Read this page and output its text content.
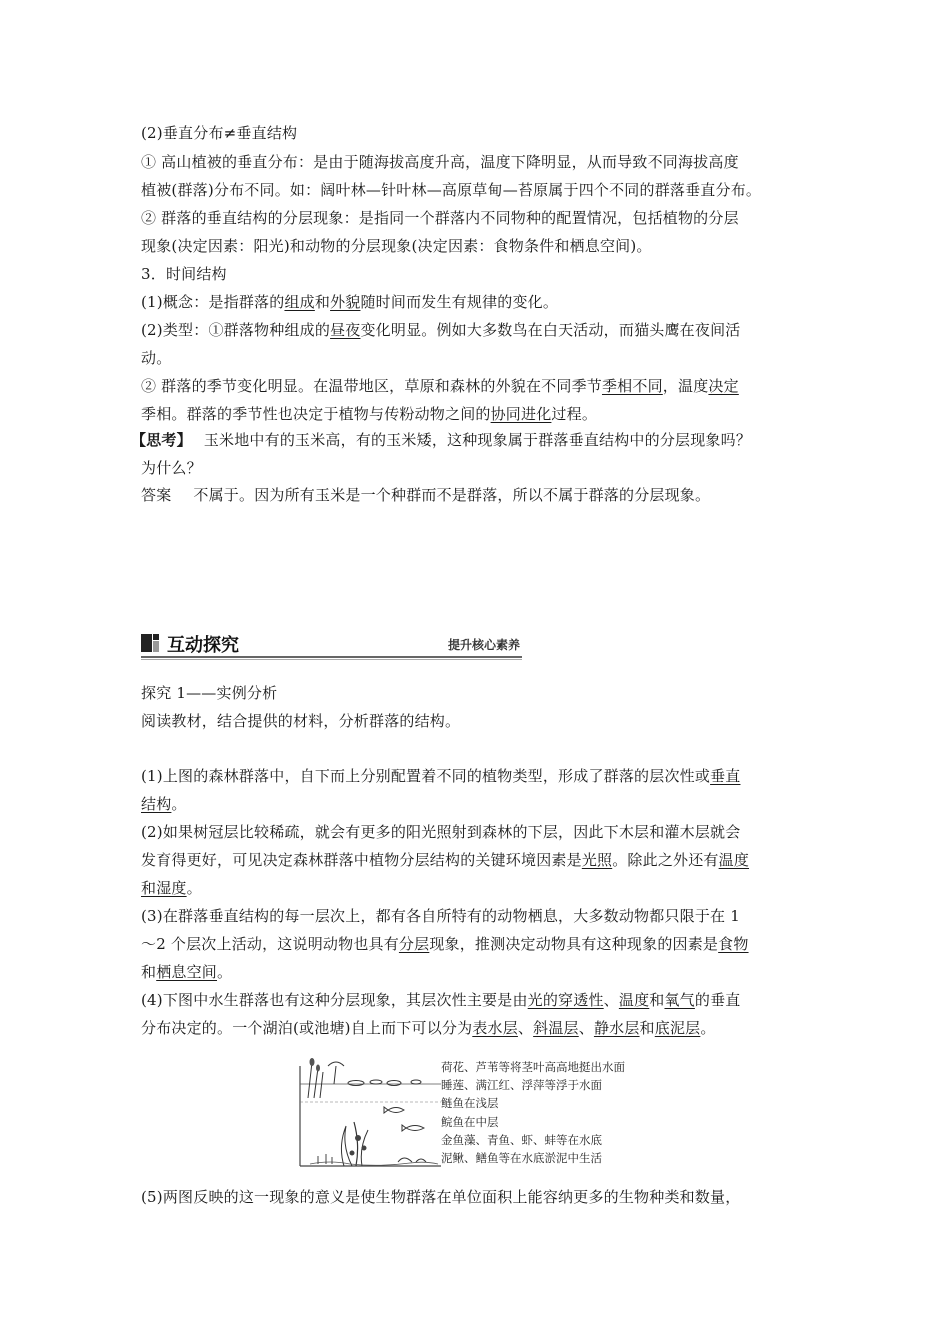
(2)垂直分布≠垂直结构
① 高山植被的垂直分布：是由于随海拔高度升高，温度下降明显，从而导致不同海拔高度
植被(群落)分布不同。如：阔叶林—针叶林—高原草甸—苔原属于四个不同的群落垂直分布。
② 群落的垂直结构的分层现象：是指同一个群落内不同物种的配置情况，包括植物的分层
现象(决定因素：阳光)和动物的分层现象(决定因素：食物条件和栖息空间)。
3．时间结构
(1)概念：是指群落的组成和外貌随时间而发生有规律的变化。
(2)类型：①群落物种组成的昼夜变化明显。例如大多数鸟在白天活动，而猫头鹰在夜间活
动。
② 群落的季节变化明显。在温带地区，草原和森林的外貌在不同季节季相不同，温度决定
季相。群落的季节性也决定于植物与传粉动物之间的协同进化过程。
【思考】 玉米地中有的玉米高，有的玉米矮，这种现象属于群落垂直结构中的分层现象吗？
为什么？
答案 不属于。因为所有玉米是一个种群而不是群落，所以不属于群落的分层现象。
互动探究	提升核心素养
探究 1——实例分析
阅读教材，结合提供的材料，分析群落的结构。
(1)上图的森林群落中，自下而上分别配置着不同的植物类型，形成了群落的层次性或垂直
结构。
(2)如果树冠层比较稀疏，就会有更多的阳光照射到森林的下层，因此下木层和灌木层就会
发育得更好，可见决定森林群落中植物分层结构的关键环境因素是光照。除此之外还有温度
和湿度。
(3)在群落垂直结构的每一层次上，都有各自所特有的动物栖息，大多数动物都只限于在 1
～2 个层次上活动，这说明动物也具有分层现象，推测决定动物具有这种现象的因素是食物
和栖息空间。
(4)下图中水生群落也有这种分层现象，其层次性主要是由光的穿透性、温度和氧气的垂直
分布决定的。一个湖泊(或池塘)自上而下可以分为表水层、斜温层、静水层和底泥层。
荷花、芦苇等将茎叶高高地挺出水面
睡莲、满江红、浮萍等浮于水面
鲢鱼在浅层
鲩鱼在中层
金鱼藻、青鱼、虾、蚌等在水底
泥鳅、鳝鱼等在水底淤泥中生活
(5)两图反映的这一现象的意义是使生物群落在单位面积上能容纳更多的生物种类和数量，
